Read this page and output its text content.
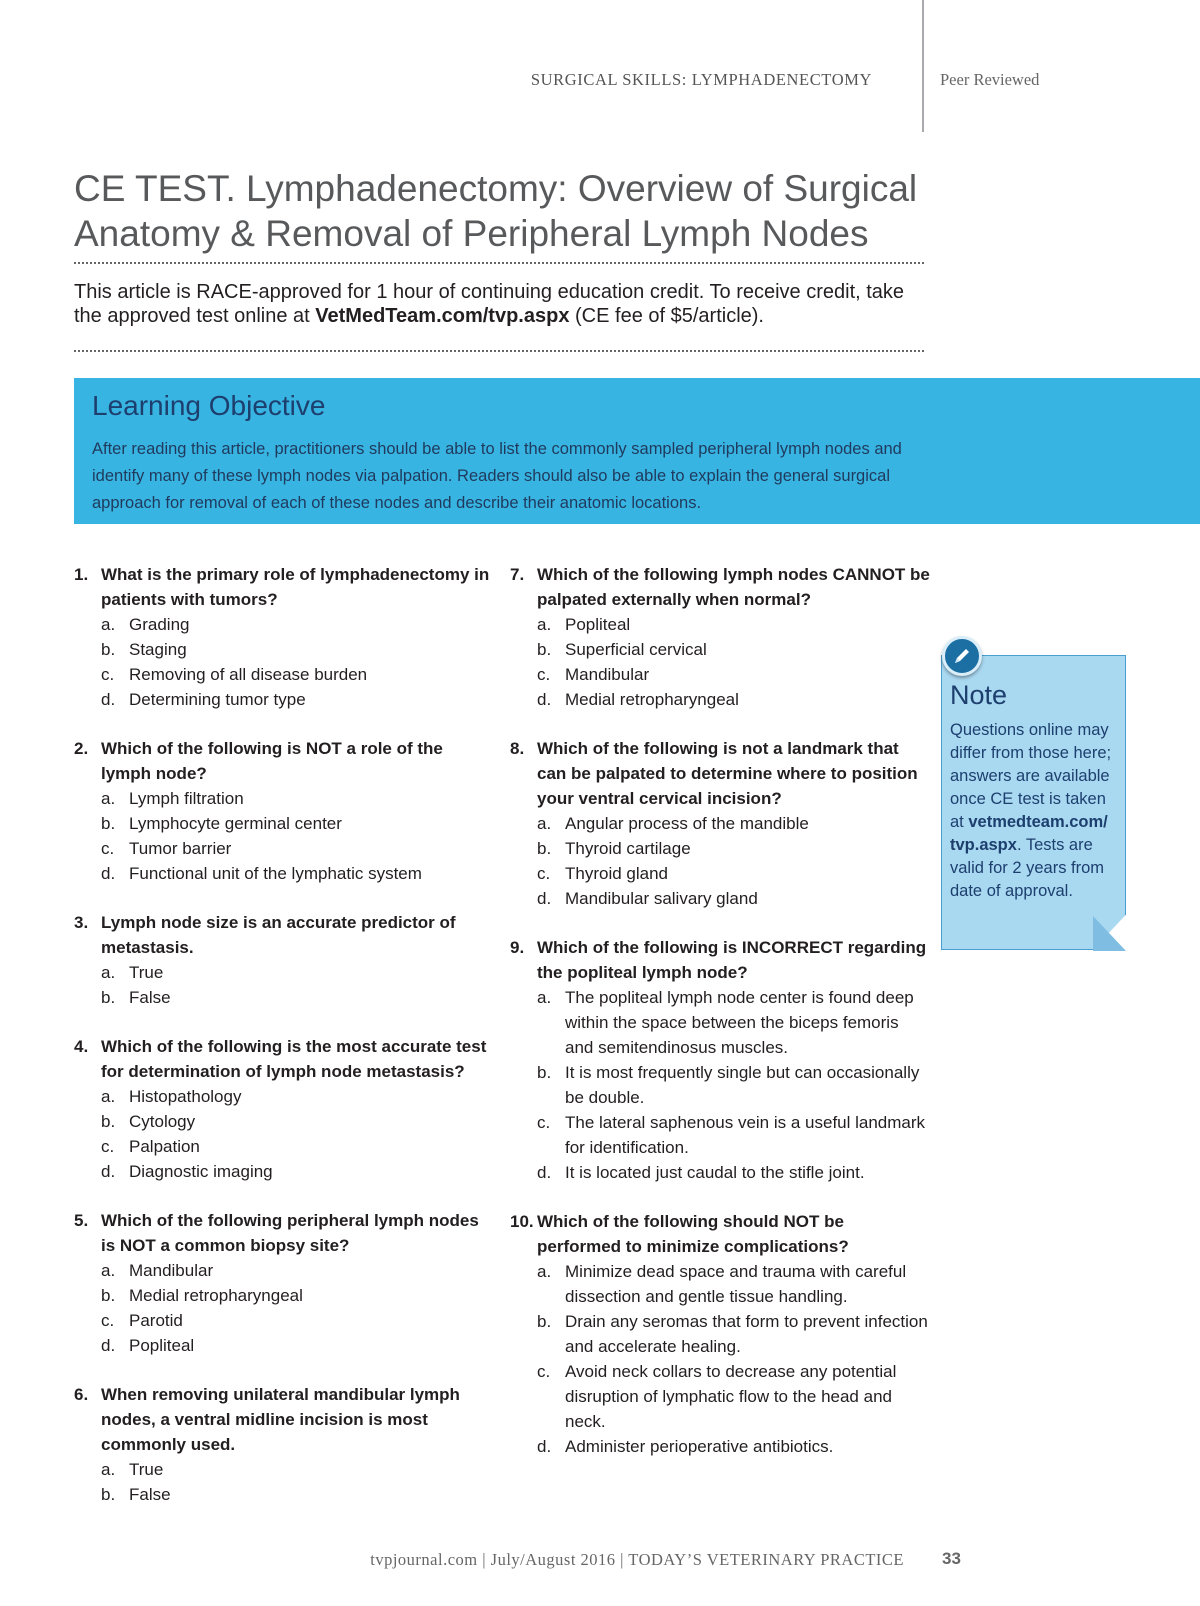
SURGICAL SKILLS: LYMPHADENECTOMY	Peer Reviewed
CE TEST. Lymphadenectomy: Overview of Surgical Anatomy & Removal of Peripheral Lymph Nodes

This article is RACE-approved for 1 hour of continuing education credit. To receive credit, take the approved test online at VetMedTeam.com/tvp.aspx (CE fee of $5/article).

Learning Objective

After reading this article, practitioners should be able to list the commonly sampled peripheral lymph nodes and identify many of these lymph nodes via palpation. Readers should also be able to explain the general surgical approach for removal of each of these nodes and describe their anatomic locations.

1. What is the primary role of lymphadenectomy in patients with tumors?
a. Grading
b. Staging
c. Removing of all disease burden
d. Determining tumor type
2. Which of the following is NOT a role of the lymph node?
a. Lymph filtration
b. Lymphocyte germinal center
c. Tumor barrier
d. Functional unit of the lymphatic system
3. Lymph node size is an accurate predictor of metastasis.
a. True
b. False
4. Which of the following is the most accurate test for determination of lymph node metastasis?
a. Histopathology
b. Cytology
c. Palpation
d. Diagnostic imaging
5. Which of the following peripheral lymph nodes is NOT a common biopsy site?
a. Mandibular
b. Medial retropharyngeal
c. Parotid
d. Popliteal
6. When removing unilateral mandibular lymph nodes, a ventral midline incision is most commonly used.
a. True
b. False
7. Which of the following lymph nodes CANNOT be palpated externally when normal?
a. Popliteal
b. Superficial cervical
c. Mandibular
d. Medial retropharyngeal
8. Which of the following is not a landmark that can be palpated to determine where to position your ventral cervical incision?
a. Angular process of the mandible
b. Thyroid cartilage
c. Thyroid gland
d. Mandibular salivary gland
9. Which of the following is INCORRECT regarding the popliteal lymph node?
a. The popliteal lymph node center is found deep within the space between the biceps femoris and semitendinosus muscles.
b. It is most frequently single but can occasionally be double.
c. The lateral saphenous vein is a useful landmark for identification.
d. It is located just caudal to the stifle joint.
10. Which of the following should NOT be performed to minimize complications?
a. Minimize dead space and trauma with careful dissection and gentle tissue handling.
b. Drain any seromas that form to prevent infection and accelerate healing.
c. Avoid neck collars to decrease any potential disruption of lymphatic flow to the head and neck.
d. Administer perioperative antibiotics.
Note

Questions online may differ from those here; answers are available once CE test is taken at vetmedteam.com/ tvp.aspx. Tests are valid for 2 years from date of approval.

tvpjournal.com | July/August 2016 | TODAY’S VETERINARY PRACTICE 33
